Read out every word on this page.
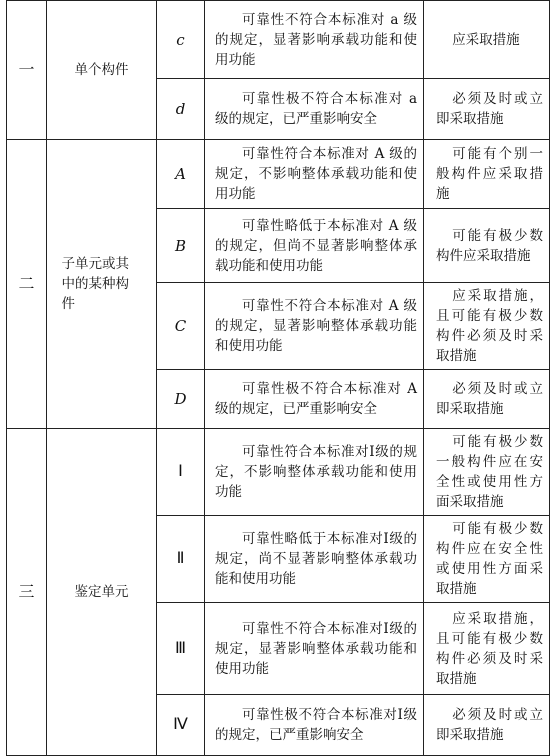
一	单个构件	c	可靠性不符合本标准对 a 级的规定，显著影响承载功能和使用功能	应采取措施
		d	可靠性极不符合本标准对 a 级的规定，已严重影响安全	必须及时或立即采取措施
二	子单元或其中的某种构件	A	可靠性符合本标准对 A 级的规定，不影响整体承载功能和使用功能	可能有个别一般构件应采取措施
		B	可靠性略低于本标准对 A 级的规定，但尚不显著影响整体承载功能和使用功能	可能有极少数构件应采取措施
		C	可靠性不符合本标准对 A 级的规定，显著影响整体承载功能和使用功能	应采取措施，且可能有极少数构件必须及时采取措施
		D	可靠性极不符合本标准对 A 级的规定，已严重影响安全	必须及时或立即采取措施
三	鉴定单元	Ⅰ	可靠性符合本标准对Ⅰ级的规定，不影响整体承载功能和使用功能	可能有极少数一般构件应在安全性或使用性方面采取措施
		Ⅱ	可靠性略低于本标准对Ⅰ级的规定，尚不显著影响整体承载功能和使用功能	可能有极少数构件应在安全性或使用性方面采取措施
		Ⅲ	可靠性不符合本标准对Ⅰ级的规定，显著影响整体承载功能和使用功能	应采取措施，且可能有极少数构件必须及时采取措施
		Ⅳ	可靠性极不符合本标准对Ⅰ级的规定，已严重影响安全	必须及时或立即采取措施
